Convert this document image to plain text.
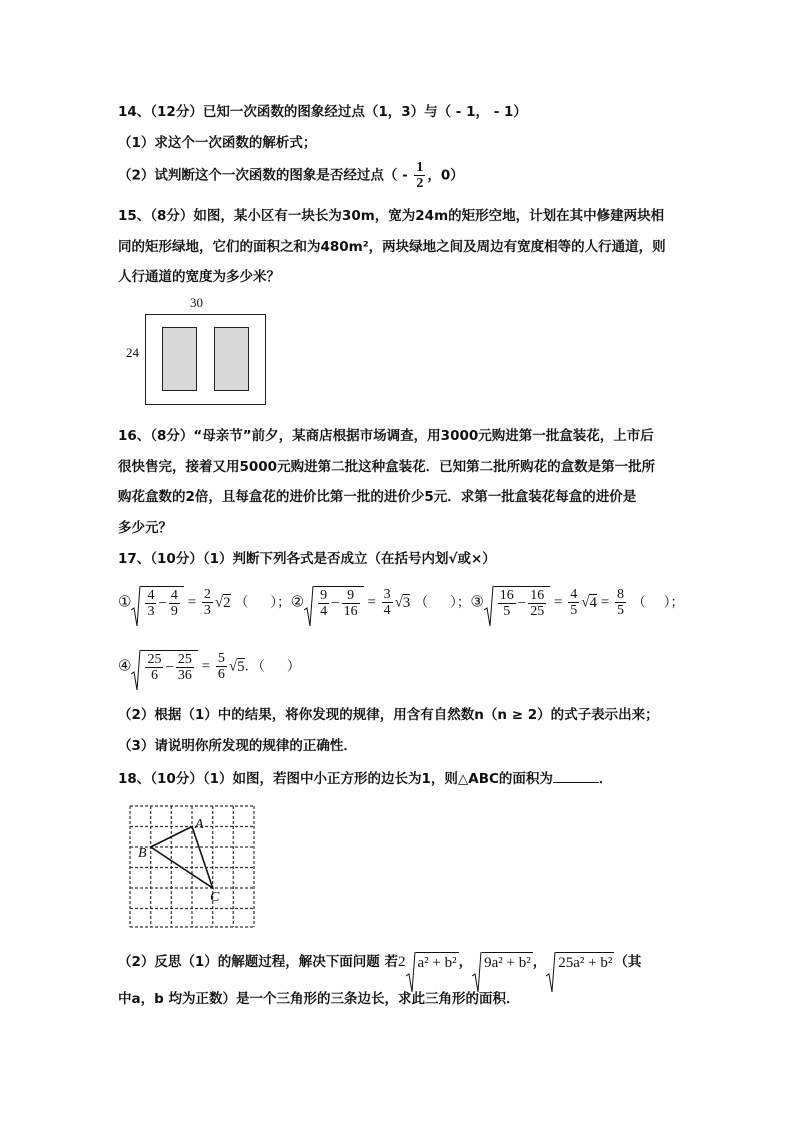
14、（12分）已知一次函数的图象经过点（1，3）与（ - 1， - 1）
（1）求这个一次函数的解析式；
（2）试判断这个一次函数的图象是否经过点（ - $\frac{1}{2}$ ，0）
15、（8分）如图，某小区有一块长为30m，宽为24m的矩形空地，计划在其中修建两块相
同的矩形绿地，它们的面积之和为480m²，两块绿地之间及周边有宽度相等的人行通道，则
人行通道的宽度为多少米？
30
24
16、（8分）“母亲节”前夕，某商店根据市场调查，用3000元购进第一批盒装花，上市后
很快售完，接着又用5000元购进第二批这种盒装花．已知第二批所购花的盒数是第一批所
购花盒数的2倍，且每盒花的进价比第一批的进价少5元．求第一批盒装花每盒的进价是
多少元？
17、（10分）（1）判断下列各式是否成立（在括号内划√或×）
① $\frac{4}{3} - \frac{4}{9} = \frac{2}{3} √2$ （ ）；② $\frac{9}{4} - \frac{9}{16} = \frac{3}{4} √3$ （ ）；③ $\frac{16}{5} - \frac{16}{25} = \frac{4}{5} √4 = \frac{8}{5}$ （ ）；
④ $\frac{25}{6} - \frac{25}{36} = \frac{5}{6} √5$．（ ）
（2）根据（1）中的结果，将你发现的规律，用含有自然数n（n ≥ 2）的式子表示出来；
（3）请说明你所发现的规律的正确性．
18、（10分）（1）如图，若图中小正方形的边长为1，则△ABC的面积为	．
A
B
C
（2）反思（1）的解题过程，解决下面问题 若2 a² + b² ， 9a² + b² ， 25a² + b² （其
中a，b 均为正数）是一个三角形的三条边长，求此三角形的面积．
